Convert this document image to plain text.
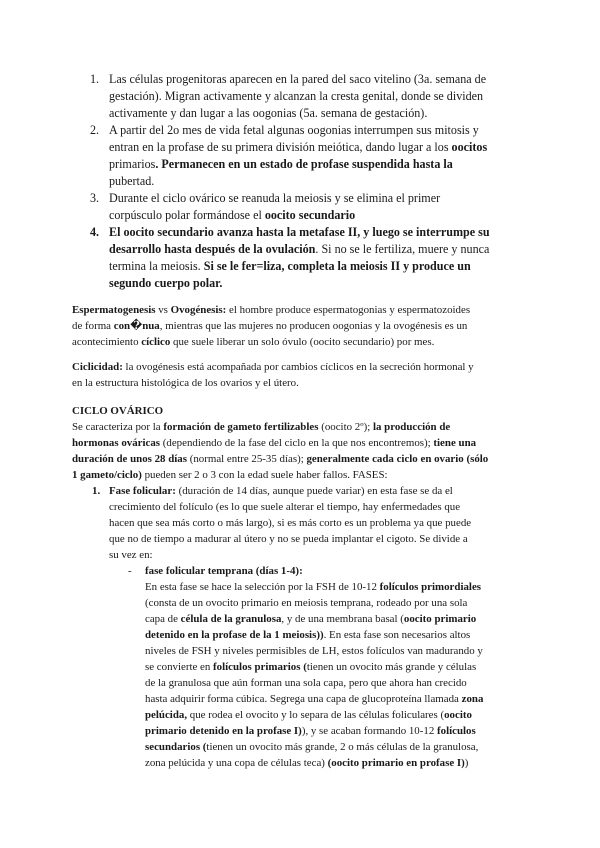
1. Las células progenitoras aparecen en la pared del saco vitelino (3a. semana de
gestación). Migran activamente y alcanzan la cresta genital, donde se dividen
activamente y dan lugar a las oogonias (5a. semana de gestación).
2. A partir del 2o mes de vida fetal algunas oogonias interrumpen sus mitosis y
entran en la profase de su primera división meiótica, dando lugar a los oocitos
primarios. Permanecen en un estado de profase suspendida hasta la
pubertad.
3. Durante el ciclo ovárico se reanuda la meiosis y se elimina el primer
corpúsculo polar formándose el oocito secundario
4. El oocito secundario avanza hasta la metafase II, y luego se interrumpe su
desarrollo hasta después de la ovulación. Si no se le fertiliza, muere y nunca
termina la meiosis. Si se le fer=liza, completa la meiosis II y produce un
segundo cuerpo polar.
Espermatogenesis vs Ovogénesis: el hombre produce espermatogonias y espermatozoides
de forma con�nua, mientras que las mujeres no producen oogonias y la ovogénesis es un
acontecimiento cíclico que suele liberar un solo óvulo (oocito secundario) por mes.
Ciclicidad: la ovogénesis está acompañada por cambios cíclicos en la secreción hormonal y
en la estructura histológica de los ovarios y el útero.
CICLO OVÁRICO
Se caracteriza por la formación de gameto fertilizables (oocito 2º); la producción de
hormonas ováricas (dependiendo de la fase del ciclo en la que nos encontremos); tiene una
duración de unos 28 días (normal entre 25-35 días); generalmente cada ciclo en ovario (sólo
1 gameto/ciclo) pueden ser 2 o 3 con la edad suele haber fallos. FASES:
1. Fase folicular: (duración de 14 días, aunque puede variar) en esta fase se da el
crecimiento del folículo (es lo que suele alterar el tiempo, hay enfermedades que
hacen que sea más corto o más largo), si es más corto es un problema ya que puede
que no de tiempo a madurar al útero y no se pueda implantar el cigoto. Se divide a
su vez en:
- fase folicular temprana (días 1-4):
En esta fase se hace la selección por la FSH de 10-12 folículos primordiales
(consta de un ovocito primario en meiosis temprana, rodeado por una sola
capa de célula de la granulosa, y de una membrana basal (oocito primario
detenido en la profase de la 1 meiosis)). En esta fase son necesarios altos
niveles de FSH y niveles permisibles de LH, estos folículos van madurando y
se convierte en folículos primarios (tienen un ovocito más grande y células
de la granulosa que aún forman una sola capa, pero que ahora han crecido
hasta adquirir forma cúbica. Segrega una capa de glucoproteína llamada zona
pelúcida, que rodea el ovocito y lo separa de las células foliculares (oocito
primario detenido en la profase I)), y se acaban formando 10-12 folículos
secundarios (tienen un ovocito más grande, 2 o más células de la granulosa,
zona pelúcida y una copa de células teca) (oocito primario en profase I))
